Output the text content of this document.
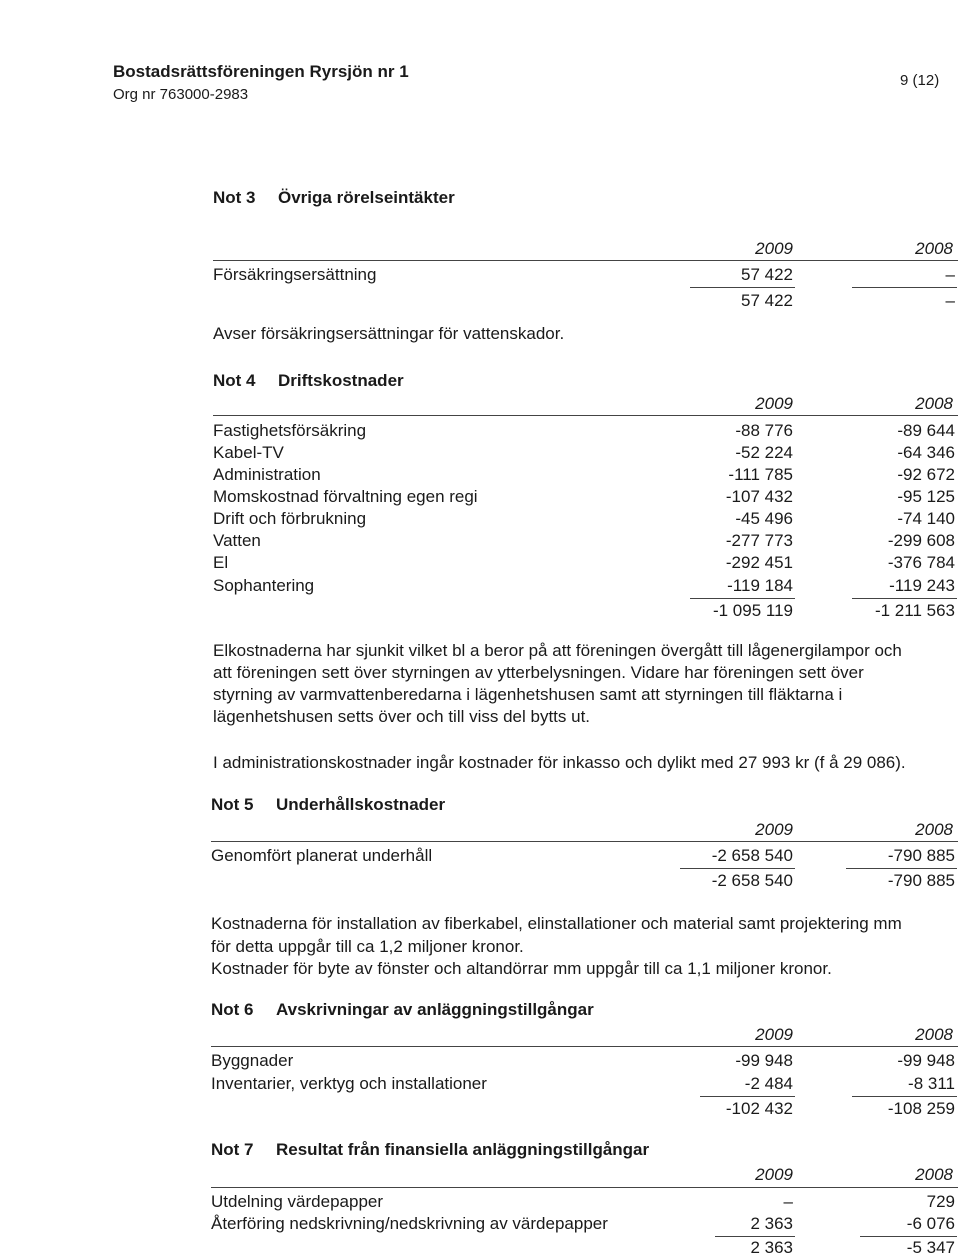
Bostadsrättsföreningen Ryrsjön nr 1
Org nr 763000-2983
9 (12)
Not 3 Övriga rörelseintäkter
2009	2008
Försäkringsersättning	57 422	–
57 422	–
Avser försäkringsersättningar för vattenskador.
Not 4 Driftskostnader
2009	2008
Fastighetsförsäkring	-88 776	-89 644
Kabel-TV	-52 224	-64 346
Administration	-111 785	-92 672
Momskostnad förvaltning egen regi	-107 432	-95 125
Drift och förbrukning	-45 496	-74 140
Vatten	-277 773	-299 608
El	-292 451	-376 784
Sophantering	-119 184	-119 243
-1 095 119	-1 211 563
Elkostnaderna har sjunkit vilket bl a beror på att föreningen övergått till lågenergilampor och
att föreningen sett över styrningen av ytterbelysningen. Vidare har föreningen sett över
styrning av varmvattenberedarna i lägenhetshusen samt att styrningen till fläktarna i
lägenhetshusen setts över och till viss del bytts ut.
I administrationskostnader ingår kostnader för inkasso och dylikt med 27 993 kr (f å 29 086).
Not 5 Underhållskostnader
2009	2008
Genomfört planerat underhåll	-2 658 540	-790 885
-2 658 540	-790 885
Kostnaderna för installation av fiberkabel, elinstallationer och material samt projektering mm
för detta uppgår till ca 1,2 miljoner kronor.
Kostnader för byte av fönster och altandörrar mm uppgår till ca 1,1 miljoner kronor.
Not 6 Avskrivningar av anläggningstillgångar
2009	2008
Byggnader	-99 948	-99 948
Inventarier, verktyg och installationer	-2 484	-8 311
-102 432	-108 259
Not 7 Resultat från finansiella anläggningstillgångar
2009	2008
Utdelning värdepapper	–	729
Återföring nedskrivning/nedskrivning av värdepapper	2 363	-6 076
2 363	-5 347
